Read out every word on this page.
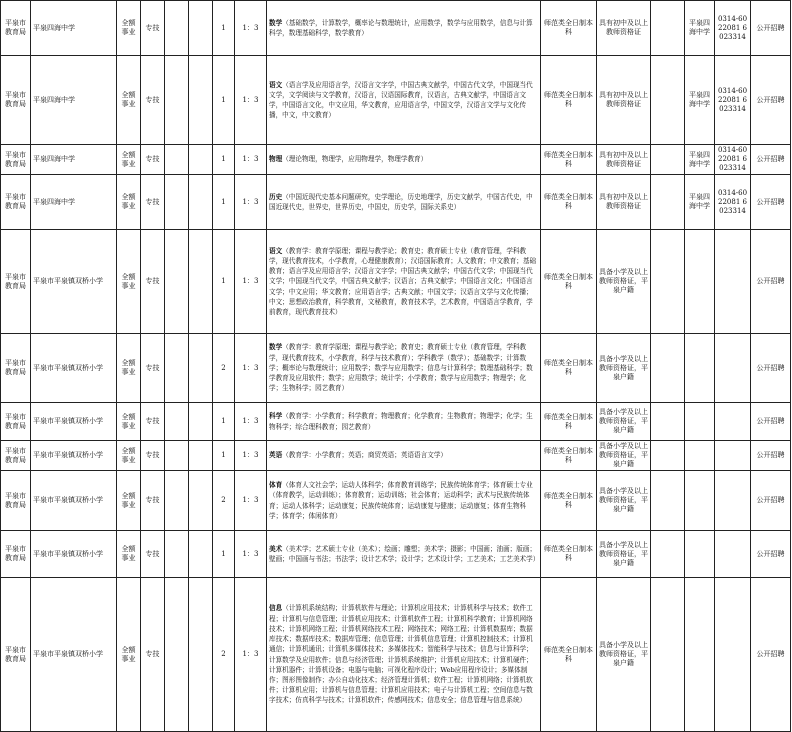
平泉市教育局	平泉四海中学	全额事业	专技			1	1：3	数学（基础数学，计算数学，概率论与数理统计，应用数学，数学与应用数学，信息与计算科学，数理基础科学，数学教育）	师范类全日制本科	具有初中及以上教师资格证		平泉四海中学	0314-6022081 6023314	公开招聘
平泉市教育局	平泉四海中学	全额事业	专技			1	1：3	语文（语言学及应用语言学，汉语言文字学，中国古典文献学，中国古代文学，中国现当代文学，文学阅读与文学教育，汉语言，汉语国际教育，汉语言，古典文献学，中国语言文学，中国语言文化，中文应用，华文教育，应用语言学，中国文学，汉语言文学与文化传播，中文，中文教育）	师范类全日制本科	具有初中及以上教师资格证		平泉四海中学	0314-6022081 6023314	公开招聘
平泉市教育局	平泉四海中学	全额事业	专技			1	1：3	物理（理论物理，物理学，应用物理学，物理学教育）	师范类全日制本科	具有初中及以上教师资格证		平泉四海中学	0314-6022081 6023314	公开招聘
平泉市教育局	平泉四海中学	全额事业	专技			1	1：3	历史（中国近现代史基本问题研究，史学理论，历史地理学，历史文献学，中国古代史，中国近现代史，世界史，世界历史，中国史，历史学，国际关系史）	师范类全日制本科	具有初中及以上教师资格证		平泉四海中学	0314-6022081 6023314	公开招聘
平泉市教育局	平泉市平泉镇双桥小学	全额事业	专技			1	1：3	语文（教育学：教育学原理；课程与教学论；教育史；教育硕士专业（教育管理，学科教学，现代教育技术，小学教育，心理健康教育）；汉语国际教育；人文教育；中文教育；基础教育；语言学及应用语言学；汉语言文字学；中国古典文献学；中国古代文学；中国现当代文学；中国现当代文学，中国古典文献学；汉语言；古典文献学；中国语言文化；中国语言文学；中文应用；华文教育；应用语言学；古典文献；中国文学；汉语言文学与文化传播；中文；思想政治教育，科学教育，文秘教育，教育技术学，艺术教育，中国语言学教育，学前教育，现代教育技术）	师范类全日制本科	具备小学及以上教师资格证，平泉户籍				公开招聘
平泉市教育局	平泉市平泉镇双桥小学	全额事业	专技			2	1：3	数学（教育学：教育学原理；课程与教学论；教育史；教育硕士专业（教育管理，学科教学，现代教育技术，小学教育，科学与技术教育）；学科教学（数学）；基础数学；计算数学；概率论与数理统计；应用数学；数学与应用数学；信息与计算科学；数理基础科学；数学教育及应用软件；数学；应用数学；统计学；小学教育；数学与应用数学；物理学；化学；生物科学；园艺教育）	师范类全日制本科	具备小学及以上教师资格证，平泉户籍				公开招聘
平泉市教育局	平泉市平泉镇双桥小学	全额事业	专技			1	1：3	科学（教育学：小学教育；科学教育；物理教育；化学教育；生物教育；物理学；化学；生物科学；综合理科教育；园艺教育）	师范类全日制本科	具备小学及以上教师资格证，平泉户籍				公开招聘
平泉市教育局	平泉市平泉镇双桥小学	全额事业	专技			1	1：3	英语（教育学：小学教育；英语；商贸英语；英语语言文学）	师范类全日制本科	具备小学及以上教师资格证，平泉户籍				公开招聘
平泉市教育局	平泉市平泉镇双桥小学	全额事业	专技			2	1：3	体育（体育人文社会学；运动人体科学；体育教育训练学；民族传统体育学；体育硕士专业（体育教学，运动训练）；体育教育；运动训练；社会体育；运动科学；武术与民族传统体育；运动人体科学；运动康复；民族传统体育；运动康复与健康；运动康复；体育生物科学；体育学；体闲体育）	师范类全日制本科	具备小学及以上教师资格证，平泉户籍				公开招聘
平泉市教育局	平泉市平泉镇双桥小学	全额事业	专技			1	1：3	美术（美术学；艺术硕士专业（美术）；绘画；雕塑；美术学；摄影；中国画；油画；版画；壁画；中国画与书法；书法学；设计艺术学；设计学；艺术设计学；工艺美术；工艺美术学）	师范类全日制本科	具备小学及以上教师资格证，平泉户籍				公开招聘
平泉市教育局	平泉市平泉镇双桥小学	全额事业	专技			2	1：3	信息（计算机系统结构；计算机软件与理论；计算机应用技术；计算机科学与技术；软件工程；计算机与信息管理；计算机应用技术；计算机软件工程；计算机科学教育；计算机网络技术；计算机网络工程；计算机网络技术工程；网络技术；网络工程；计算机数据库；数据库技术；数据库技术；数据库管理；信息管理；计算机信息管理；计算机控制技术；计算机通信；计算机通讯；计算机多媒体技术；多媒体技术；智能科学与技术；信息与计算科学；计算数学及应用软件；信息与经济管理；计算机系统维护；计算机应用技术；计算机硬件；计算机器件；计算机设备；电器与电脑；可视化程序设计；Web应用程序设计；多媒体制作；图形图像制作；办公自动化技术；经济管理计算机；软件工程；计算机网络；计算机软件；计算机应用；计算机与信息管理；计算机应用技术；电子与计算机工程；空间信息与数字技术；仿真科学与技术；计算机软件；传感网技术；信息安全；信息管理与信息系统）	师范类全日制本科	具备小学及以上教师资格证，平泉户籍				公开招聘
